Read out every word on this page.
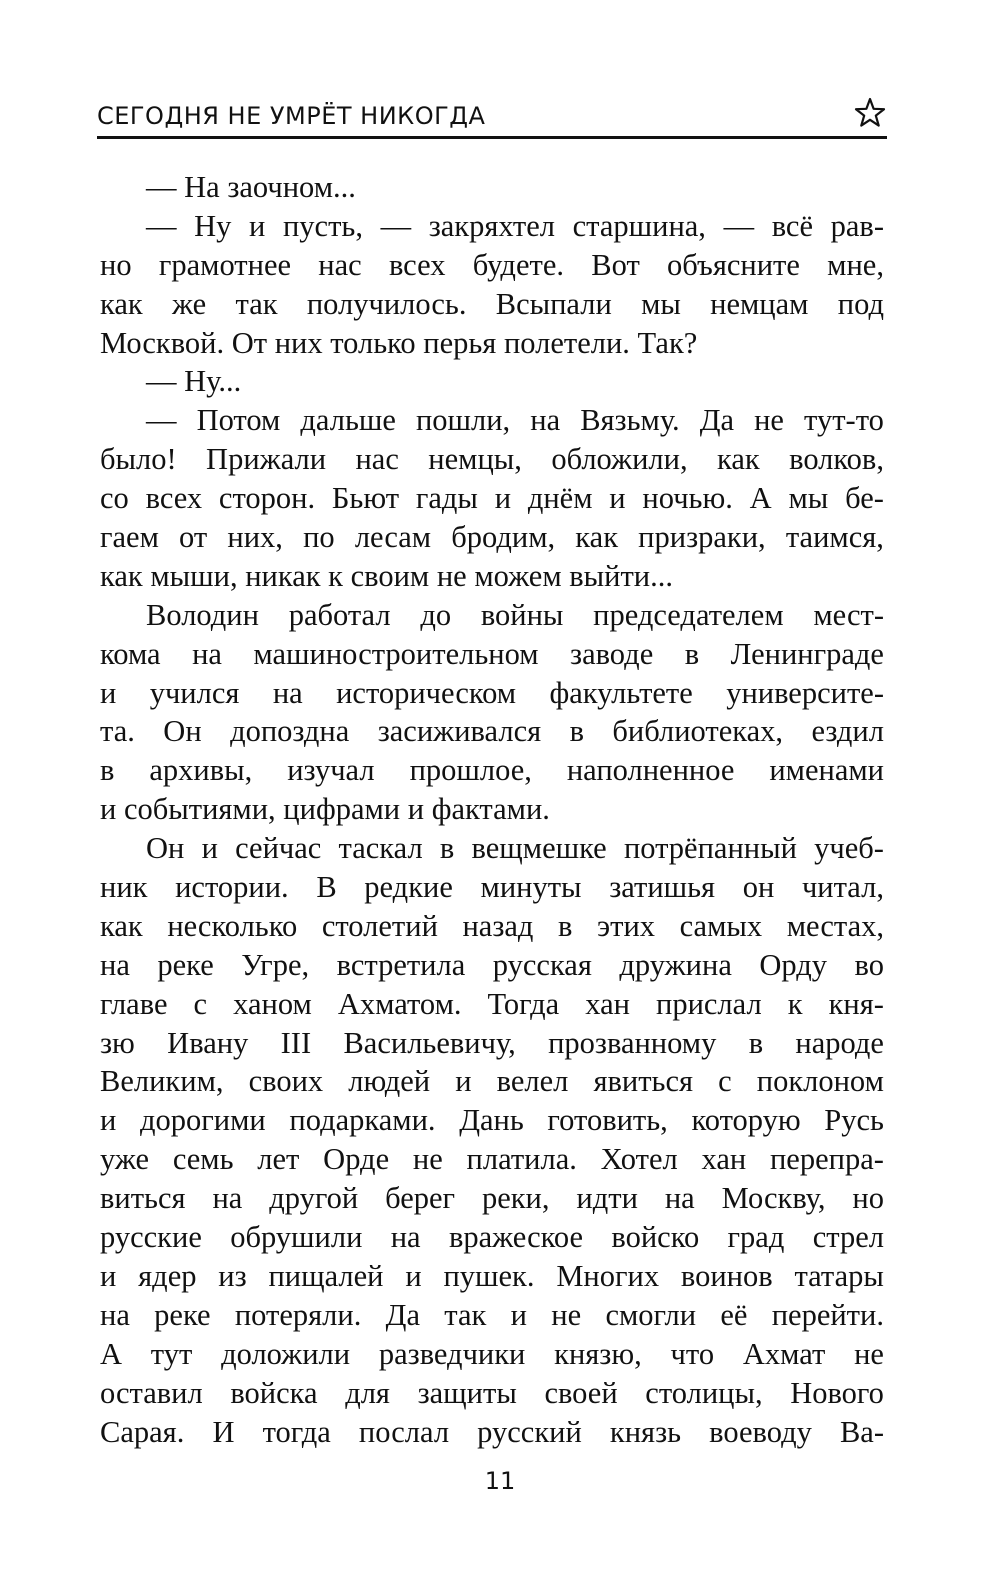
СЕГОДНЯ НЕ УМРЁТ НИКОГДА
— На заочном...
— Ну и пусть, — закряхтел старшина, — всё рав-
но грамотнее нас всех будете. Вот объясните мне,
как же так получилось. Всыпали мы немцам под
Москвой. От них только перья полетели. Так?
— Ну...
— Потом дальше пошли, на Вязьму. Да не тут-то
было! Прижали нас немцы, обложили, как волков,
со всех сторон. Бьют гады и днём и ночью. А мы бе-
гаем от них, по лесам бродим, как призраки, таимся,
как мыши, никак к своим не можем выйти...
Володин работал до войны председателем мест-
кома на машиностроительном заводе в Ленинграде
и учился на историческом факультете университе-
та. Он допоздна засиживался в библиотеках, ездил
в архивы, изучал прошлое, наполненное именами
и событиями, цифрами и фактами.
Он и сейчас таскал в вещмешке потрёпанный учеб-
ник истории. В редкие минуты затишья он читал,
как несколько столетий назад в этих самых местах,
на реке Угре, встретила русская дружина Орду во
главе с ханом Ахматом. Тогда хан прислал к кня-
зю Ивану III Васильевичу, прозванному в народе
Великим, своих людей и велел явиться с поклоном
и дорогими подарками. Дань готовить, которую Русь
уже семь лет Орде не платила. Хотел хан перепра-
виться на другой берег реки, идти на Москву, но
русские обрушили на вражеское войско град стрел
и ядер из пищалей и пушек. Многих воинов татары
на реке потеряли. Да так и не смогли её перейти.
А тут доложили разведчики князю, что Ахмат не
оставил войска для защиты своей столицы, Нового
Сарая. И тогда послал русский князь воеводу Ва-
11
